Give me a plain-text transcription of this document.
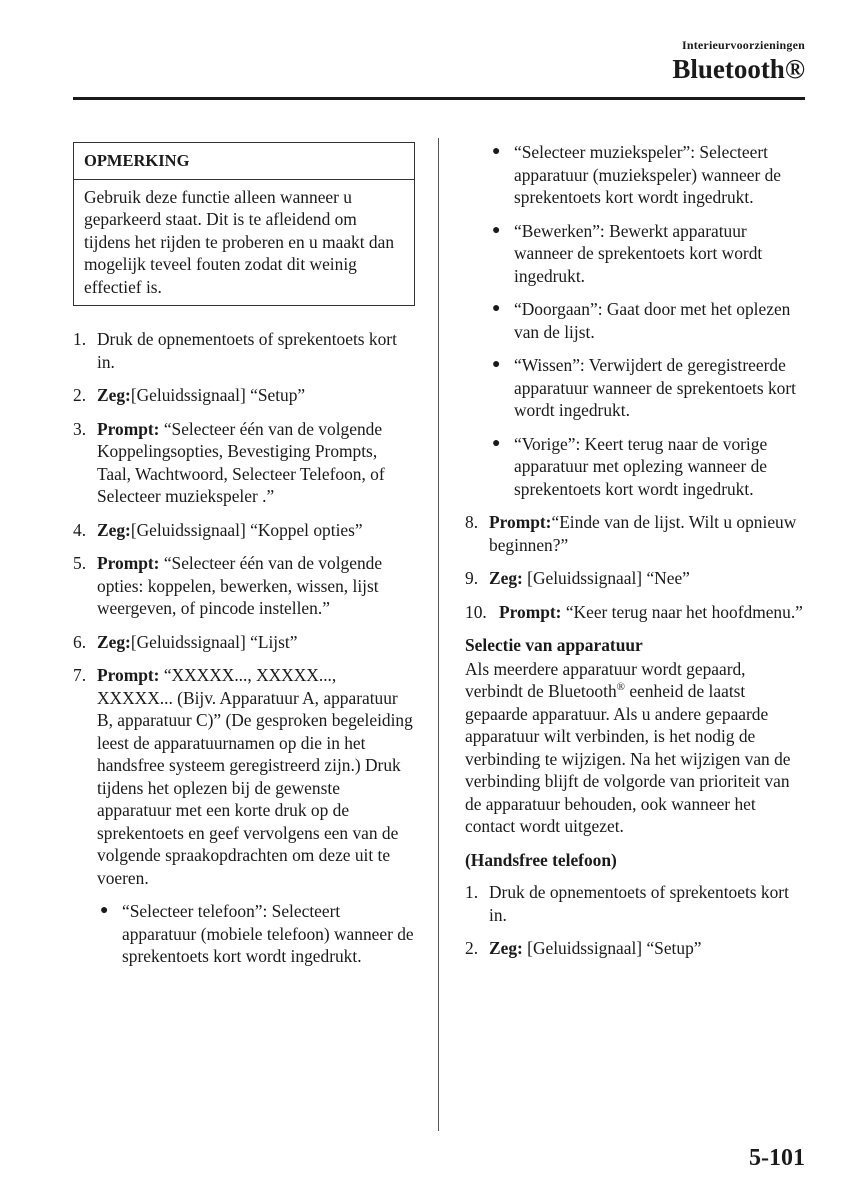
Interieurvoorzieningen
Bluetooth®
OPMERKING
Gebruik deze functie alleen wanneer u geparkeerd staat. Dit is te afleidend om tijdens het rijden te proberen en u maakt dan mogelijk teveel fouten zodat dit weinig effectief is.
1. Druk de opnementoets of sprekentoets kort in.
2. Zeg:[Geluidssignaal] “Setup”
3. Prompt: “Selecteer één van de volgende Koppelingsopties, Bevestiging Prompts, Taal, Wachtwoord, Selecteer Telefoon, of Selecteer muziekspeler .”
4. Zeg:[Geluidssignaal] “Koppel opties”
5. Prompt: “Selecteer één van de volgende opties: koppelen, bewerken, wissen, lijst weergeven, of pincode instellen.”
6. Zeg:[Geluidssignaal] “Lijst”
7. Prompt: “XXXXX..., XXXXX..., XXXXX... (Bijv. Apparatuur A, apparatuur B, apparatuur C)” (De gesproken begeleiding leest de apparatuurnamen op die in het handsfree systeem geregistreerd zijn.) Druk tijdens het oplezen bij de gewenste apparatuur met een korte druk op de sprekentoets en geef vervolgens een van de volgende spraakopdrachten om deze uit te voeren.
● “Selecteer telefoon”: Selecteert apparatuur (mobiele telefoon) wanneer de sprekentoets kort wordt ingedrukt.
● “Selecteer muziekspeler”: Selecteert apparatuur (muziekspeler) wanneer de sprekentoets kort wordt ingedrukt.
● “Bewerken”: Bewerkt apparatuur wanneer de sprekentoets kort wordt ingedrukt.
● “Doorgaan”: Gaat door met het oplezen van de lijst.
● “Wissen”: Verwijdert de geregistreerde apparatuur wanneer de sprekentoets kort wordt ingedrukt.
● “Vorige”: Keert terug naar de vorige apparatuur met oplezing wanneer de sprekentoets kort wordt ingedrukt.
8. Prompt:“Einde van de lijst. Wilt u opnieuw beginnen?”
9. Zeg: [Geluidssignaal] “Nee”
10. Prompt: “Keer terug naar het hoofdmenu.”
Selectie van apparatuur
Als meerdere apparatuur wordt gepaard, verbindt de Bluetooth® eenheid de laatst gepaarde apparatuur. Als u andere gepaarde apparatuur wilt verbinden, is het nodig de verbinding te wijzigen. Na het wijzigen van de verbinding blijft de volgorde van prioriteit van de apparatuur behouden, ook wanneer het contact wordt uitgezet.
(Handsfree telefoon)
1. Druk de opnementoets of sprekentoets kort in.
2. Zeg: [Geluidssignaal] “Setup”
5-101
